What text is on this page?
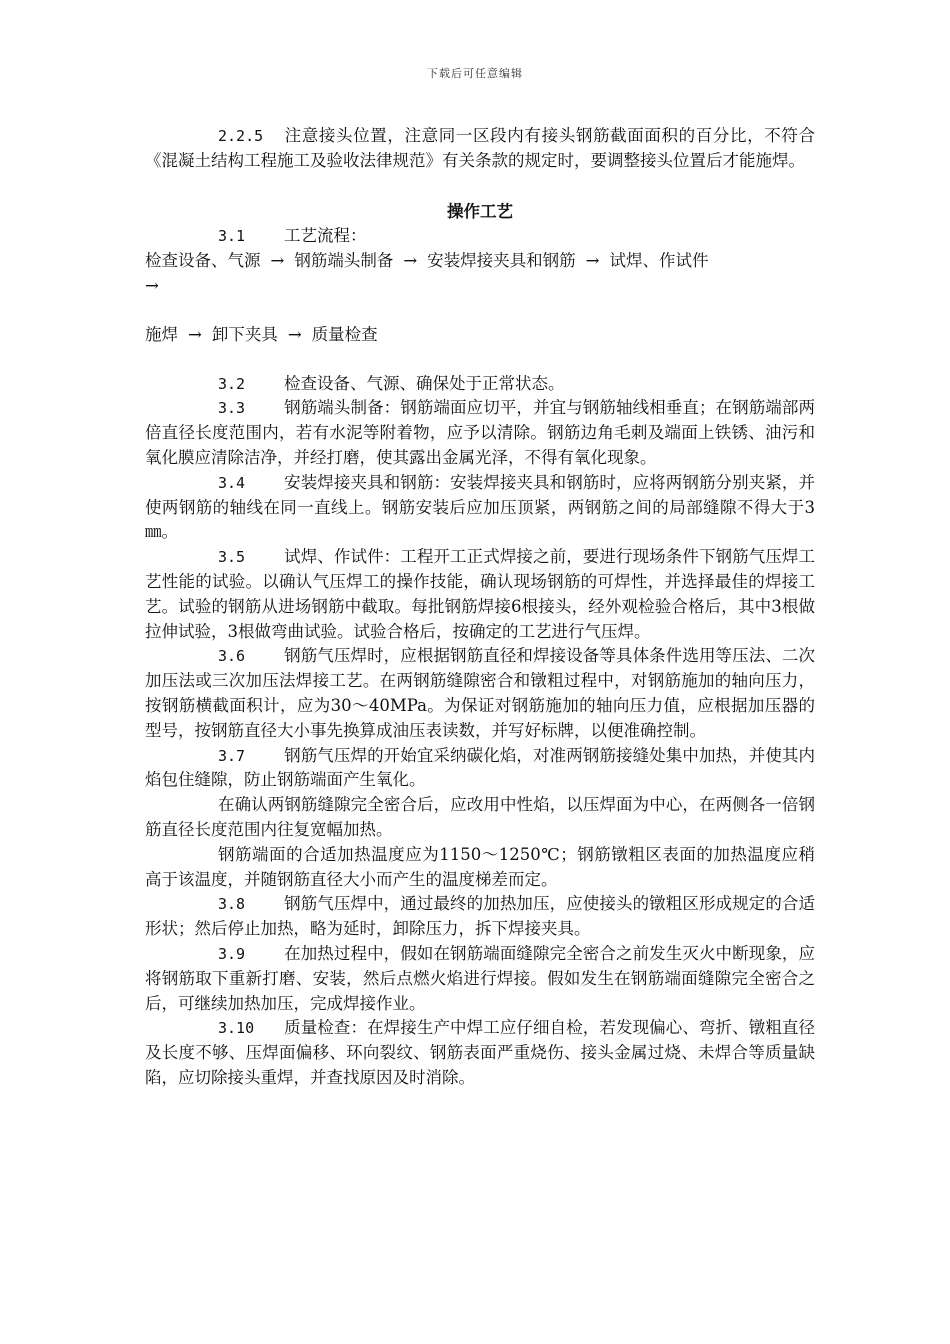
下载后可任意编辑

2.2.5 注意接头位置，注意同一区段内有接头钢筋截面面积的百分比，不符合《混凝土结构工程施工及验收法律规范》有关条款的规定时，要调整接头位置后才能施焊。

操作工艺

3.1 工艺流程：

检查设备、气源 → 钢筋端头制备 → 安装焊接夹具和钢筋 → 试焊、作试件

→

施焊 → 卸下夹具 → 质量检查

3.2 检查设备、气源、确保处于正常状态。

3.3 钢筋端头制备：钢筋端面应切平，并宜与钢筋轴线相垂直；在钢筋端部两倍直径长度范围内，若有水泥等附着物，应予以清除。钢筋边角毛刺及端面上铁锈、油污和氧化膜应清除洁净，并经打磨，使其露出金属光泽，不得有氧化现象。

3.4 安装焊接夹具和钢筋：安装焊接夹具和钢筋时，应将两钢筋分别夹紧，并使两钢筋的轴线在同一直线上。钢筋安装后应加压顶紧，两钢筋之间的局部缝隙不得大于3㎜。

3.5 试焊、作试件：工程开工正式焊接之前，要进行现场条件下钢筋气压焊工艺性能的试验。以确认气压焊工的操作技能，确认现场钢筋的可焊性，并选择最佳的焊接工艺。试验的钢筋从进场钢筋中截取。每批钢筋焊接6根接头，经外观检验合格后，其中3根做拉伸试验，3根做弯曲试验。试验合格后，按确定的工艺进行气压焊。

3.6 钢筋气压焊时，应根据钢筋直径和焊接设备等具体条件选用等压法、二次加压法或三次加压法焊接工艺。在两钢筋缝隙密合和镦粗过程中，对钢筋施加的轴向压力，按钢筋横截面积计，应为30～40MPa。为保证对钢筋施加的轴向压力值，应根据加压器的型号，按钢筋直径大小事先换算成油压表读数，并写好标牌，以便准确控制。

3.7 钢筋气压焊的开始宜采纳碳化焰，对准两钢筋接缝处集中加热，并使其内焰包住缝隙，防止钢筋端面产生氧化。

在确认两钢筋缝隙完全密合后，应改用中性焰，以压焊面为中心，在两侧各一倍钢筋直径长度范围内往复宽幅加热。

钢筋端面的合适加热温度应为1150～1250℃；钢筋镦粗区表面的加热温度应稍高于该温度，并随钢筋直径大小而产生的温度梯差而定。

3.8 钢筋气压焊中，通过最终的加热加压，应使接头的镦粗区形成规定的合适形状；然后停止加热，略为延时，卸除压力，拆下焊接夹具。

3.9 在加热过程中，假如在钢筋端面缝隙完全密合之前发生灭火中断现象，应将钢筋取下重新打磨、安装，然后点燃火焰进行焊接。假如发生在钢筋端面缝隙完全密合之后，可继续加热加压，完成焊接作业。

3.10 质量检查：在焊接生产中焊工应仔细自检，若发现偏心、弯折、镦粗直径及长度不够、压焊面偏移、环向裂纹、钢筋表面严重烧伤、接头金属过烧、未焊合等质量缺陷，应切除接头重焊，并查找原因及时消除。
